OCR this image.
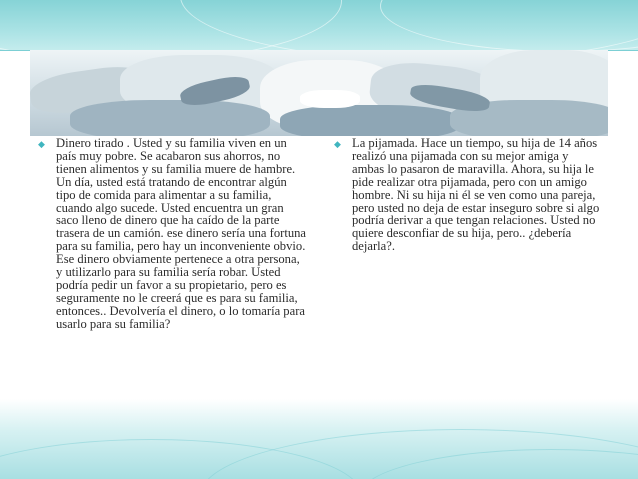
◆ Dinero tirado . Usted y su familia viven en un país muy pobre. Se acabaron sus ahorros, no tienen alimentos y su familia muere de hambre. Un día, usted está tratando de encontrar algún tipo de comida para alimentar a su familia, cuando algo sucede. Usted encuentra un gran saco lleno de dinero que ha caído de la parte trasera de un camión. ese dinero sería una fortuna para su familia, pero hay un inconveniente obvio. Ese dinero obviamente pertenece a otra persona, y utilizarlo para su familia sería robar. Usted podría pedir un favor a su propietario, pero es seguramente no le creerá que es para su familia, entonces.. Devolvería el dinero, o lo tomaría para usarlo para su familia?
◆ La pijamada. Hace un tiempo, su hija de 14 años realizó una pijamada con su mejor amiga y ambas lo pasaron de maravilla. Ahora, su hija le pide realizar otra pijamada, pero con un amigo hombre. Ni su hija ni él se ven como una pareja, pero usted no deja de estar inseguro sobre si algo podría derivar a que tengan relaciones. Usted no quiere desconfiar de su hija, pero.. ¿debería dejarla?.
